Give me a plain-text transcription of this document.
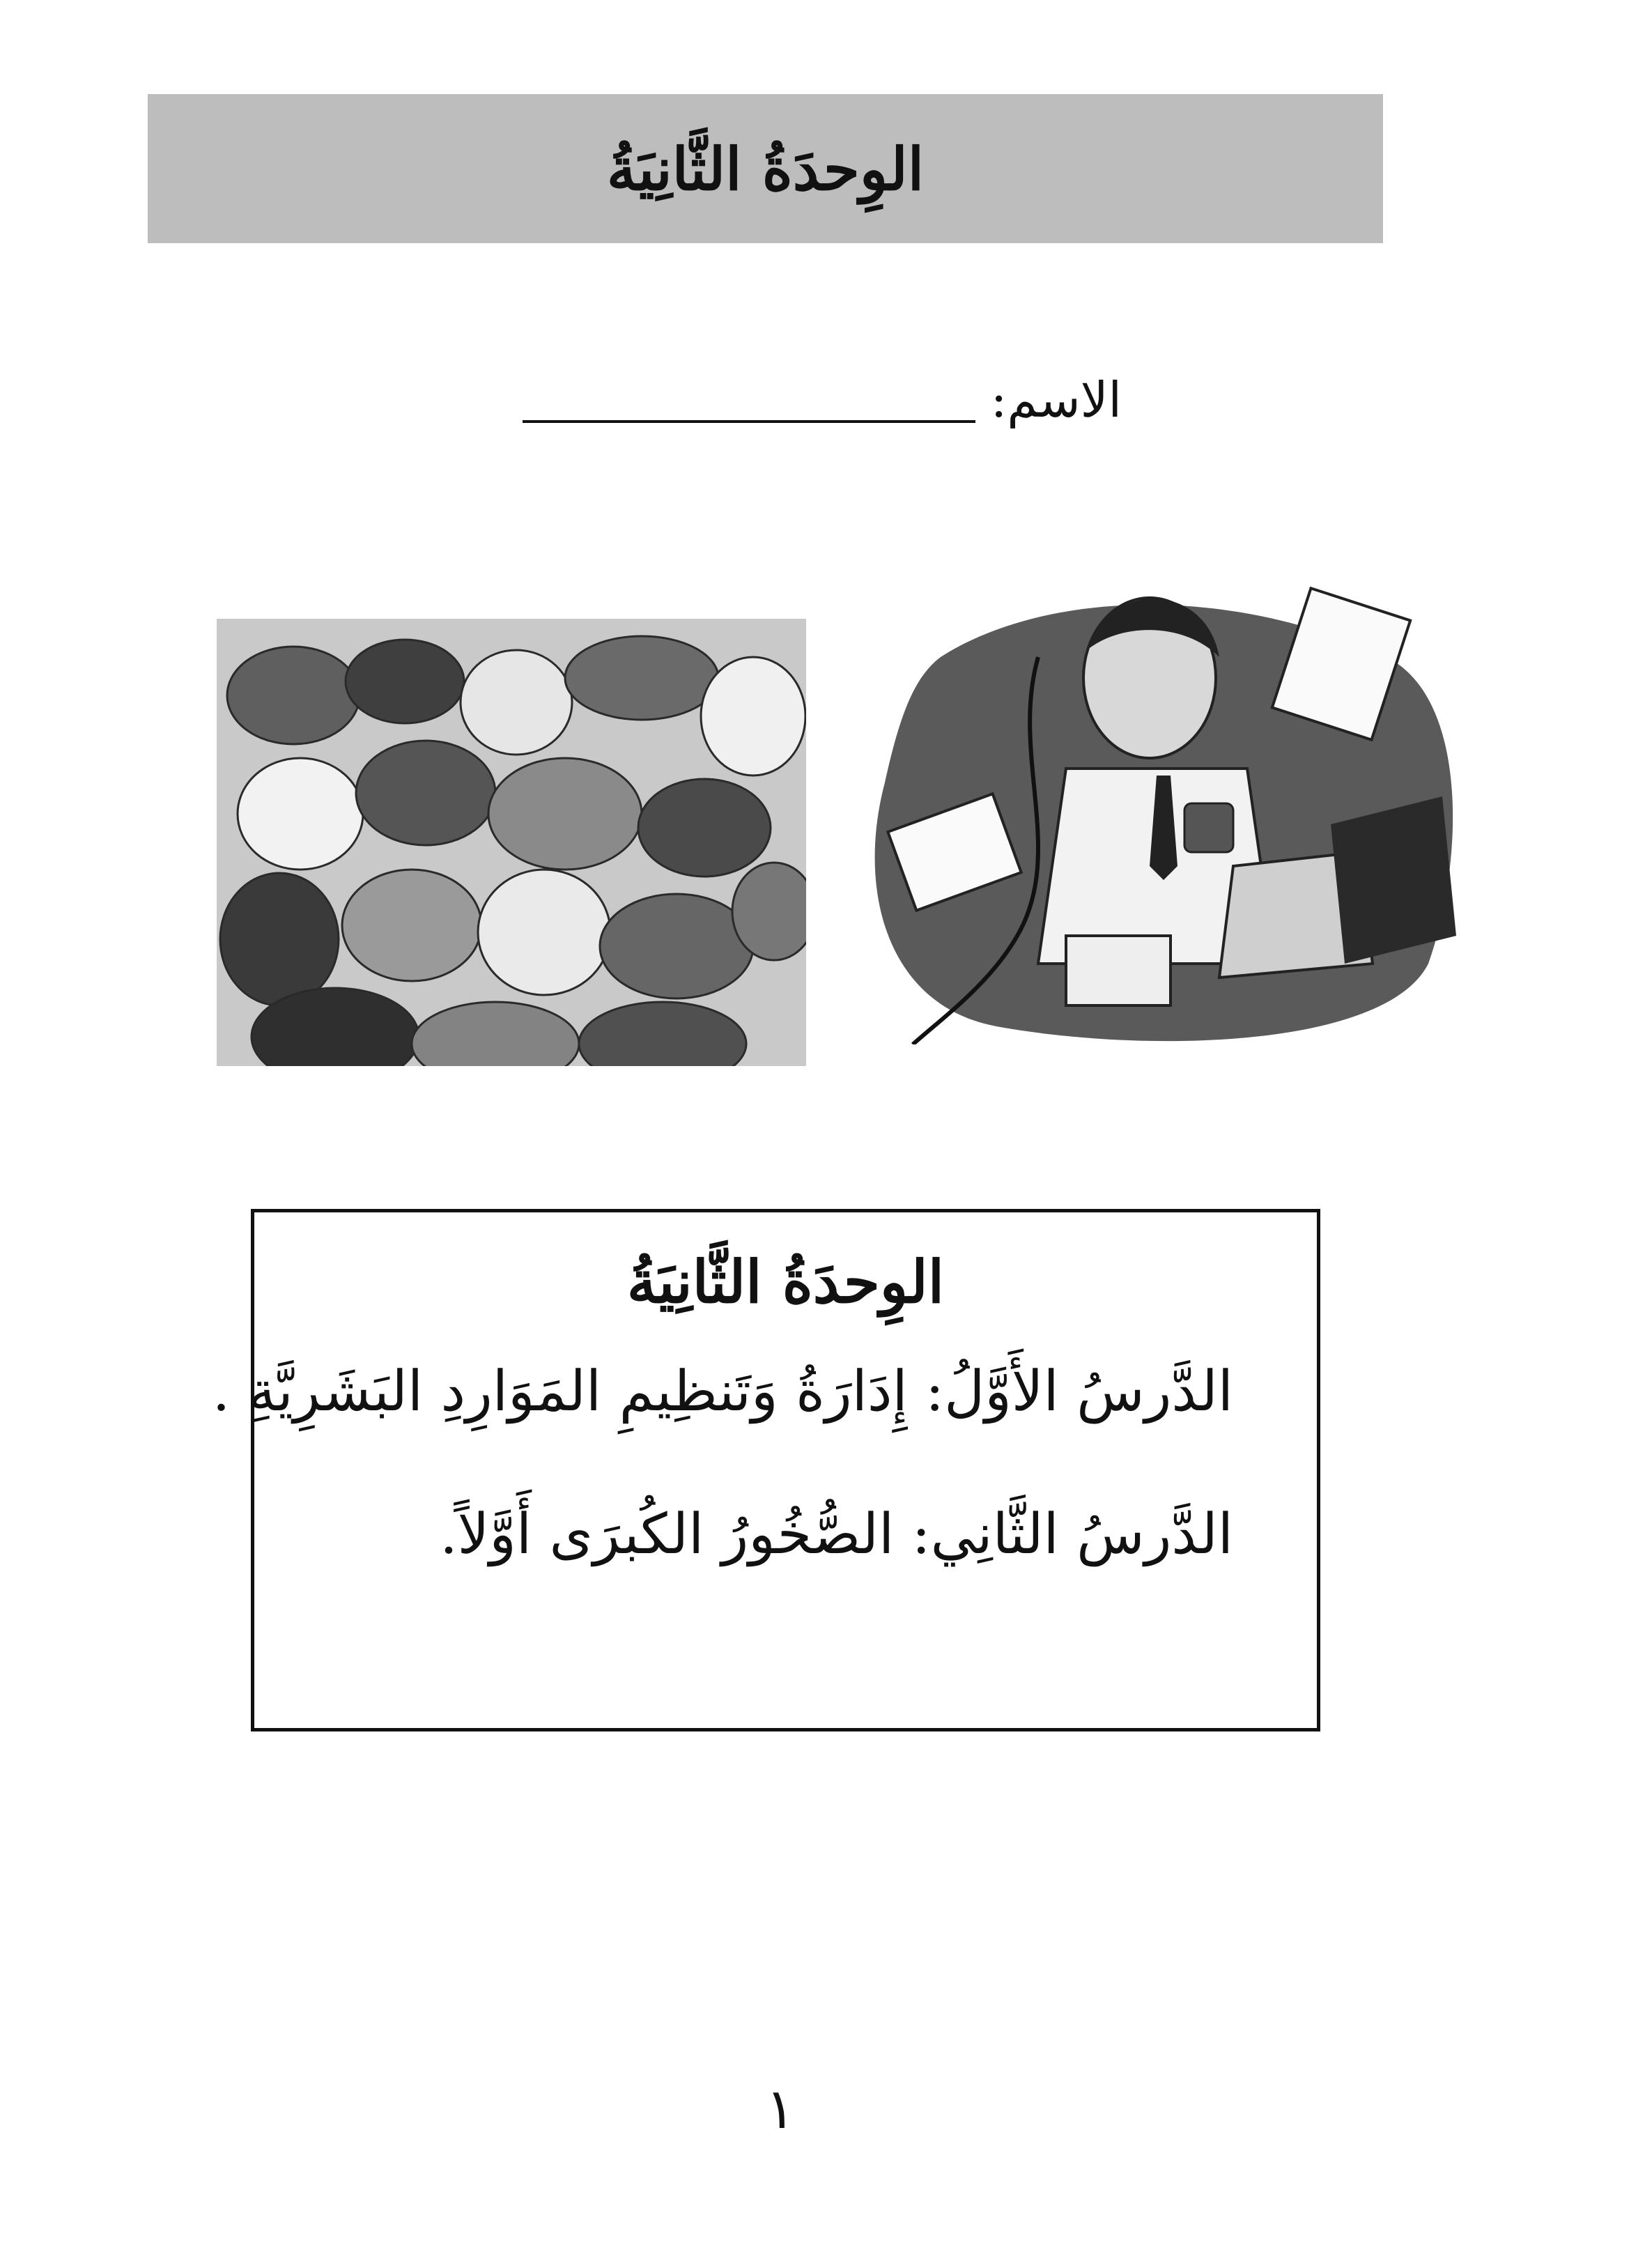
الوِحدَةُ الثَّانِيَةُ
الاسم:
الوِحدَةُ الثَّانِيَةُ
الدَّرسُ الأَوَّلُ: إِدَارَةُ وَتَنظِيمِ المَوَارِدِ البَشَرِيَّةِ .
الدَّرسُ الثَّانِي: الصُّخُورُ الكُبرَى أَوَّلاً.
١
